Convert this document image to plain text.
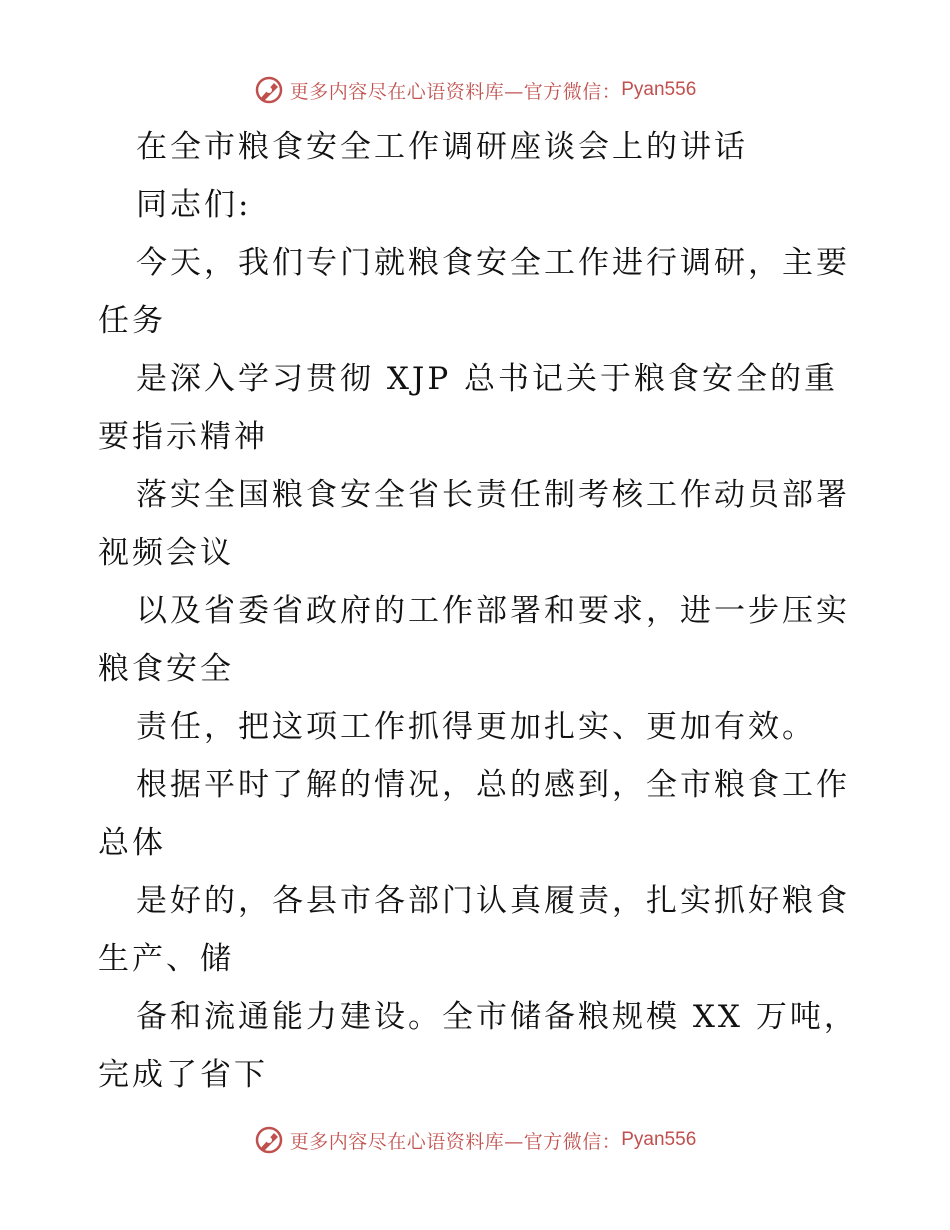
更多内容尽在心语资料库—官方微信： Pyan556
在全市粮食安全工作调研座谈会上的讲话
同志们:
今天，我们专门就粮食安全工作进行调研，主要
任务
是深入学习贯彻 XJP 总书记关于粮食安全的重
要指示精神
落实全国粮食安全省长责任制考核工作动员部署
视频会议
以及省委省政府的工作部署和要求，进一步压实
粮食安全
责任，把这项工作抓得更加扎实、更加有效。
根据平时了解的情况，总的感到，全市粮食工作
总体
是好的，各县市各部门认真履责，扎实抓好粮食
生产、储
备和流通能力建设。全市储备粮规模 XX 万吨，
完成了省下
更多内容尽在心语资料库—官方微信： Pyan556
